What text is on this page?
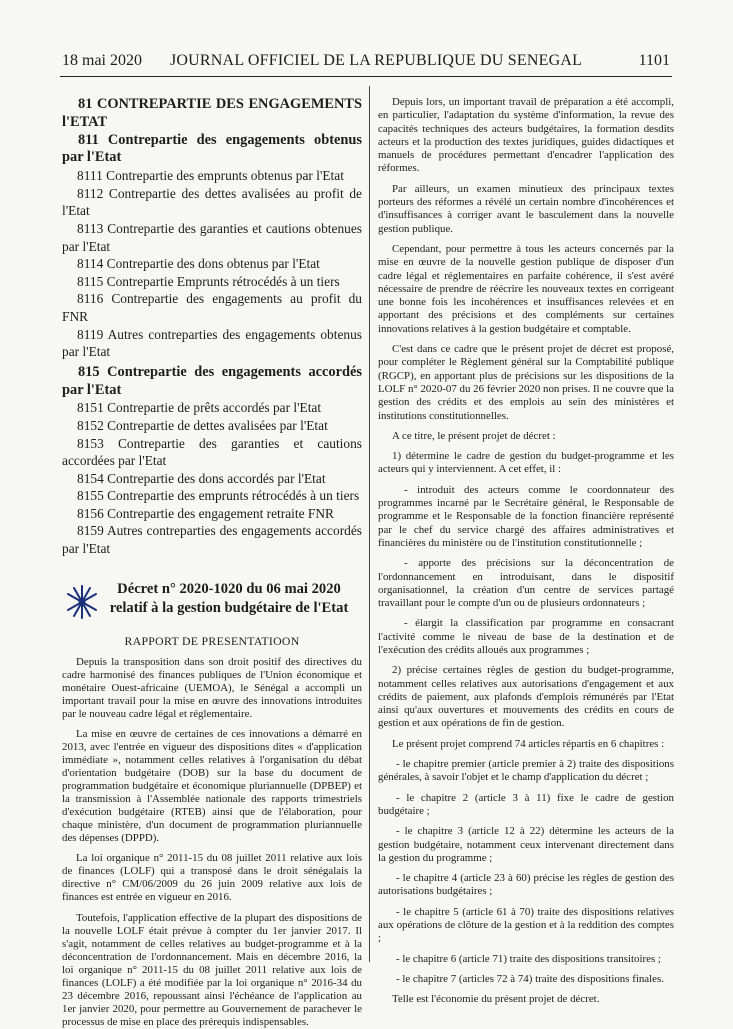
18 mai 2020 JOURNAL OFFICIEL DE LA REPUBLIQUE DU SENEGAL	1101

81 CONTREPARTIE DES ENGAGEMENTS l'ETAT

811 Contrepartie des engagements obtenus par l'Etat

8111 Contrepartie des emprunts obtenus par l'Etat

8112 Contrepartie des dettes avalisées au profit de l'Etat

8113 Contrepartie des garanties et cautions obtenues par l'Etat

8114 Contrepartie des dons obtenus par l'Etat

8115 Contrepartie Emprunts rétrocédés à un tiers

8116 Contrepartie des engagements au profit du FNR

8119 Autres contreparties des engagements obtenus par l'Etat

815 Contrepartie des engagements accordés par l'Etat

8151 Contrepartie de prêts accordés par l'Etat

8152 Contrepartie de dettes avalisées par l'Etat

8153 Contrepartie des garanties et cautions accordées par l'Etat

8154 Contrepartie des dons accordés par l'Etat

8155 Contrepartie des emprunts rétrocédés à un tiers

8156 Contrepartie des engagement retraite FNR

8159 Autres contreparties des engagements accordés par l'Etat

Décret n° 2020-1020 du 06 mai 2020
relatif à la gestion budgétaire de l'Etat
RAPPORT DE PRESENTATIOON

Depuis la transposition dans son droit positif des directives du cadre harmonisé des finances publiques de l'Union économique et monétaire Ouest-africaine (UEMOA), le Sénégal a accompli un important travail pour la mise en œuvre des innovations introduites par le nouveau cadre légal et réglementaire.

La mise en œuvre de certaines de ces innovations a démarré en 2013, avec l'entrée en vigueur des dispositions dites « d'application immédiate », notamment celles relatives à l'organisation du débat d'orientation budgétaire (DOB) sur la base du document de programmation budgétaire et économique pluriannuelle (DPBEP) et la transmission à l'Assemblée nationale des rapports trimestriels d'exécution budgétaire (RTEB) ainsi que de l'élaboration, pour chaque ministère, d'un document de programmation pluriannuelle des dépenses (DPPD).

La loi organique n° 2011-15 du 08 juillet 2011 relative aux lois de finances (LOLF) qui a transposé dans le droit sénégalais la directive n° CM/06/2009 du 26 juin 2009 relative aux lois de finances est entrée en vigueur en 2016.

Toutefois, l'application effective de la plupart des dispositions de la nouvelle LOLF était prévue à compter du 1er janvier 2017. Il s'agit, notamment de celles relatives au budget-programme et à la déconcentration de l'ordonnancement. Mais en décembre 2016, la loi organique n° 2011-15 du 08 juillet 2011 relative aux lois de finances (LOLF) a été modifiée par la loi organique n° 2016-34 du 23 décembre 2016, repoussant ainsi l'échéance de l'application au 1er janvier 2020, pour permettre au Gouvernement de parachever le processus de mise en place des prérequis indispensables.

Depuis lors, un important travail de préparation a été accompli, en particulier, l'adaptation du système d'information, la revue des capacités techniques des acteurs budgétaires, la formation desdits acteurs et la production des textes juridiques, guides didactiques et manuels de procédures permettant d'encadrer l'application des réformes.

Par ailleurs, un examen minutieux des principaux textes porteurs des réformes a révélé un certain nombre d'incohérences et d'insuffisances à corriger avant le basculement dans la nouvelle gestion publique.

Cependant, pour permettre à tous les acteurs concernés par la mise en œuvre de la nouvelle gestion publique de disposer d'un cadre légal et réglementaires en parfaite cohérence, il s'est avéré nécessaire de prendre de réécrire les nouveaux textes en corrigeant une bonne fois les incohérences et insuffisances relevées et en apportant des précisions et des compléments sur certaines innovations relatives à la gestion budgétaire et comptable.

C'est dans ce cadre que le présent projet de décret est proposé, pour compléter le Règlement général sur la Comptabilité publique (RGCP), en apportant plus de précisions sur les dispositions de la LOLF n° 2020-07 du 26 février 2020 non prises. Il ne couvre que la gestion des crédits et des emplois au sein des ministères et institutions constitutionnelles.

A ce titre, le présent projet de décret :

1) détermine le cadre de gestion du budget-programme et les acteurs qui y interviennent. A cet effet, il :

- introduit des acteurs comme le coordonnateur des programmes incarné par le Secrétaire général, le Responsable de programme et le Responsable de la fonction financière représenté par le chef du service chargé des affaires administratives et financières du ministère ou de l'institution constitutionnelle ;

- apporte des précisions sur la déconcentration de l'ordonnancement en introduisant, dans le dispositif organisationnel, la création d'un centre de services partagé travaillant pour le compte d'un ou de plusieurs ordonnateurs ;

- élargit la classification par programme en consacrant l'activité comme le niveau de base de la destination et de l'exécution des crédits alloués aux programmes ;

2) précise certaines règles de gestion du budget-programme, notamment celles relatives aux autorisations d'engagement et aux crédits de paiement, aux plafonds d'emplois rémunérés par l'Etat ainsi qu'aux ouvertures et mouvements des crédits en cours de gestion et aux opérations de fin de gestion.

Le présent projet comprend 74 articles répartis en 6 chapitres :

- le chapitre premier (article premier à 2) traite des dispositions générales, à savoir l'objet et le champ d'application du décret ;

- le chapitre 2 (article 3 à 11) fixe le cadre de gestion budgétaire ;

- le chapitre 3 (article 12 à 22) détermine les acteurs de la gestion budgétaire, notamment ceux intervenant directement dans la gestion du programme ;

- le chapitre 4 (article 23 à 60) précise les règles de gestion des autorisations budgétaires ;

- le chapitre 5 (article 61 à 70) traite des dispositions relatives aux opérations de clôture de la gestion et à la reddition des comptes ;

- le chapitre 6 (article 71) traite des dispositions transitoires ;

- le chapitre 7 (articles 72 à 74) traite des dispositions finales.

Telle est l'économie du présent projet de décret.
